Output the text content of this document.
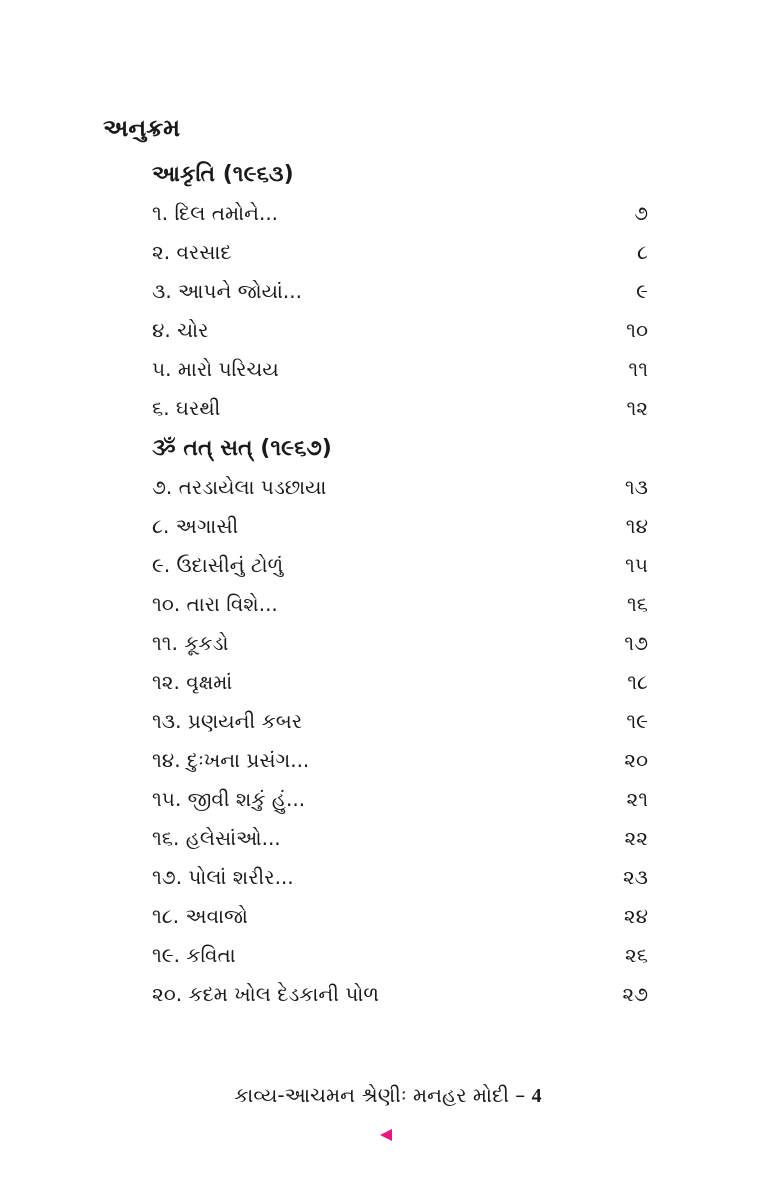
અનુક્રમ
આકૃતિ (૧૯૬૩)
૧. દિલ તમોને...	૭
૨. વરસાદ	૮
૩. આપને જોયાં...	૯
૪. ચોર	૧૦
૫. મારો પરિચય	૧૧
૬. ઘરથી	૧૨
ૐ તત્ સત્ (૧૯૬૭)
૭. તરડાયેલા પડછાયા	૧૩
૮. અગાસી	૧૪
૯. ઉદાસીનું ટોળું	૧૫
૧૦. તારા વિશે...	૧૬
૧૧. કૂકડો	૧૭
૧૨. વૃક્ષમાં	૧૮
૧૩. પ્રણયની કબર	૧૯
૧૪. દુઃખના પ્રસંગ...	૨૦
૧૫. જીવી શકું હું...	૨૧
૧૬. હલેસાંઓ...	૨૨
૧૭. પોલાં શરીર...	૨૩
૧૮. અવાજો	૨૪
૧૯. કવિતા	૨૬
૨૦. કદમ ખોલ દેડકાની પોળ	૨૭
કાવ્ય-આચમન શ્રેણીઃ મનહર મોદી – 4
